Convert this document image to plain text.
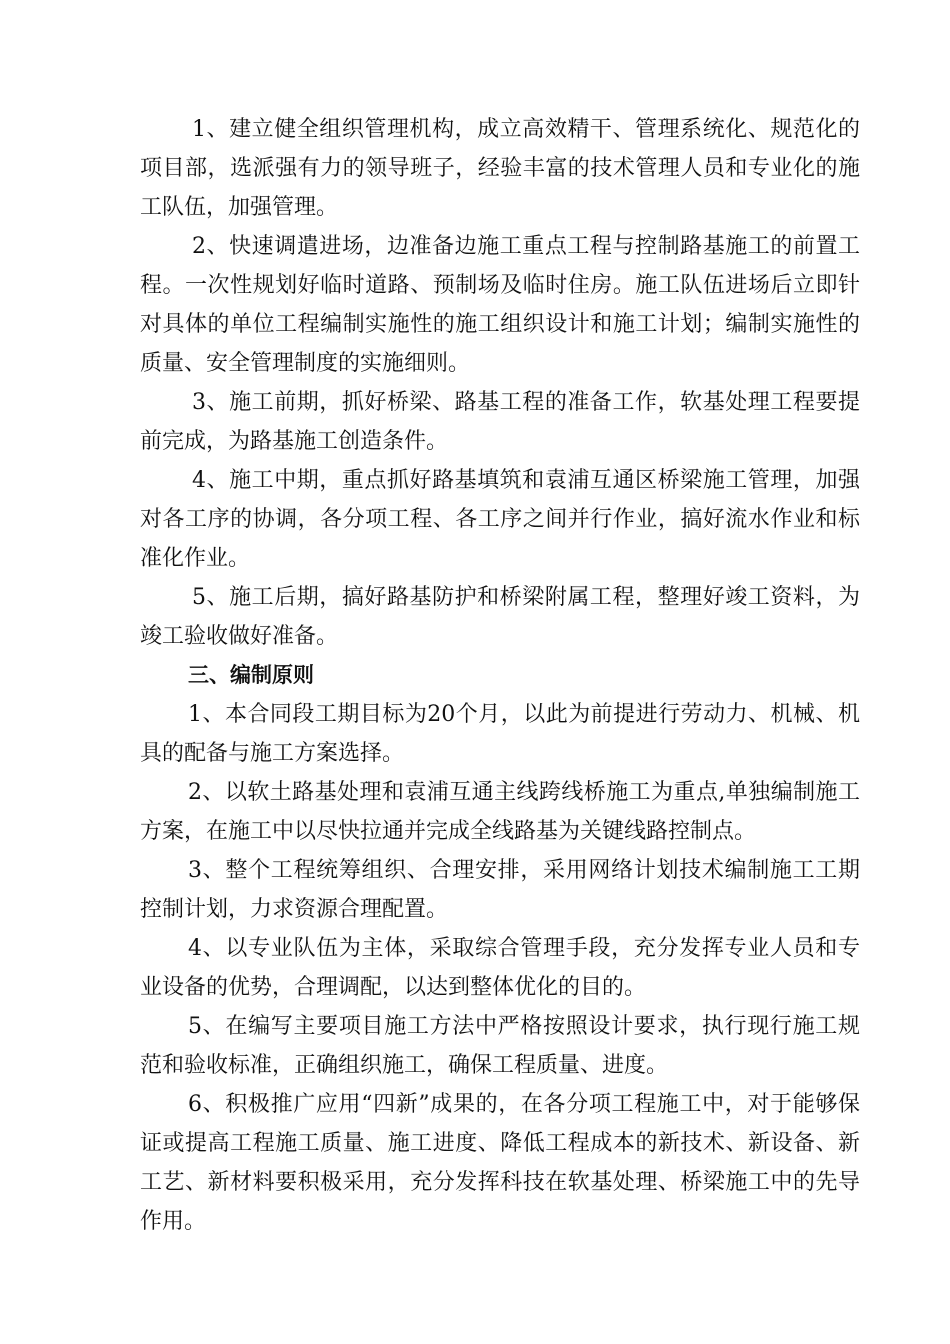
1、建立健全组织管理机构，成立高效精干、管理系统化、规范化的项目部，选派强有力的领导班子，经验丰富的技术管理人员和专业化的施工队伍，加强管理。

2、快速调遣进场，边准备边施工重点工程与控制路基施工的前置工程。一次性规划好临时道路、预制场及临时住房。施工队伍进场后立即针对具体的单位工程编制实施性的施工组织设计和施工计划；编制实施性的质量、安全管理制度的实施细则。

3、施工前期，抓好桥梁、路基工程的准备工作，软基处理工程要提前完成，为路基施工创造条件。

4、施工中期，重点抓好路基填筑和袁浦互通区桥梁施工管理，加强对各工序的协调，各分项工程、各工序之间并行作业，搞好流水作业和标准化作业。

5、施工后期，搞好路基防护和桥梁附属工程，整理好竣工资料，为竣工验收做好准备。

三、编制原则

1、本合同段工期目标为20个月，以此为前提进行劳动力、机械、机具的配备与施工方案选择。

2、以软土路基处理和袁浦互通主线跨线桥施工为重点,单独编制施工方案，在施工中以尽快拉通并完成全线路基为关键线路控制点。

3、整个工程统筹组织、合理安排，采用网络计划技术编制施工工期控制计划，力求资源合理配置。

4、以专业队伍为主体，采取综合管理手段，充分发挥专业人员和专业设备的优势，合理调配，以达到整体优化的目的。

5、在编写主要项目施工方法中严格按照设计要求，执行现行施工规范和验收标准，正确组织施工，确保工程质量、进度。

6、积极推广应用“四新”成果的，在各分项工程施工中，对于能够保证或提高工程施工质量、施工进度、降低工程成本的新技术、新设备、新工艺、新材料要积极采用，充分发挥科技在软基处理、桥梁施工中的先导作用。
